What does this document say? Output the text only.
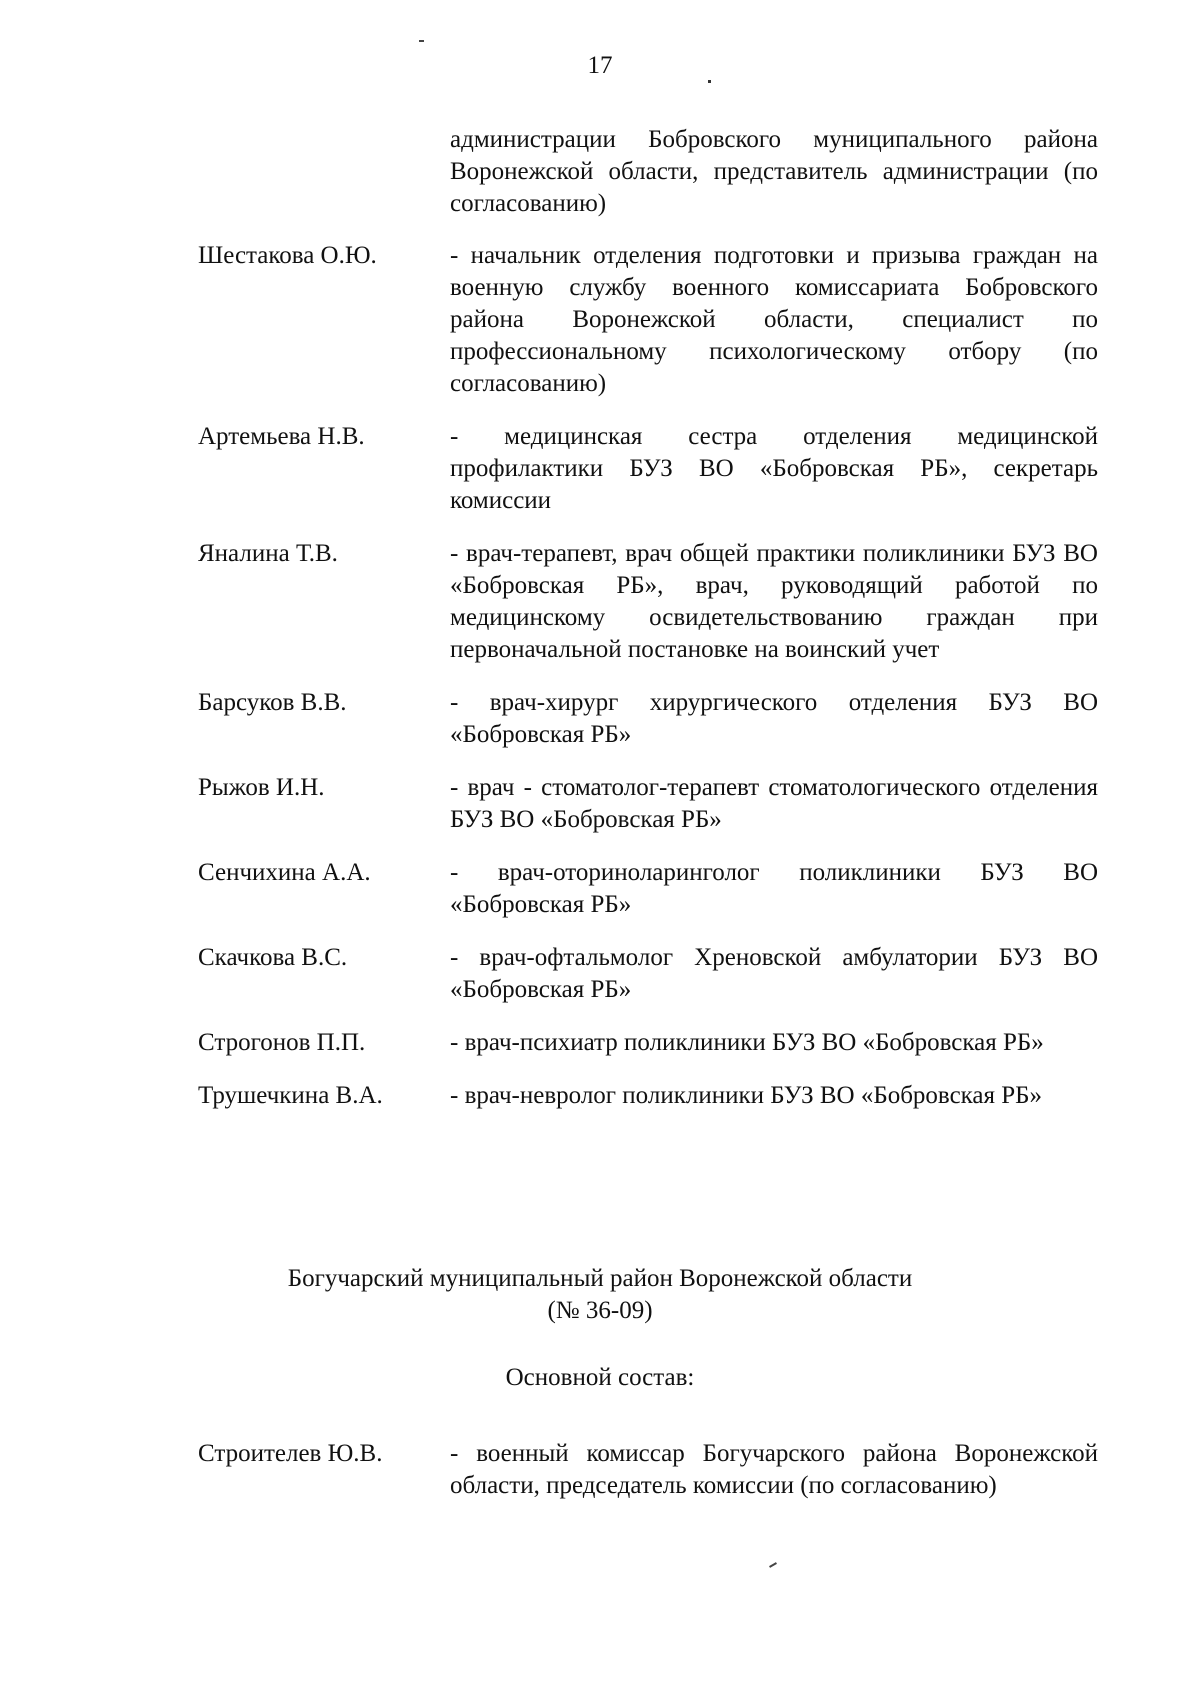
17
администрации Бобровского муниципального района Воронежской области, представитель администрации (по согласованию)
Шестакова О.Ю.	- начальник отделения подготовки и призыва граждан на военную службу военного комиссариата Бобровского района Воронежской области, специалист по профессиональному психологическому отбору (по согласованию)
Артемьева Н.В.	- медицинская сестра отделения медицинской профилактики БУЗ ВО «Бобровская РБ», секретарь комиссии
Яналина Т.В.	- врач-терапевт, врач общей практики поликлиники БУЗ ВО «Бобровская РБ», врач, руководящий работой по медицинскому освидетельствованию граждан при первоначальной постановке на воинский учет
Барсуков В.В.	- врач-хирург хирургического отделения БУЗ ВО «Бобровская РБ»
Рыжов И.Н.	- врач - стоматолог-терапевт стоматологического отделения БУЗ ВО «Бобровская РБ»
Сенчихина А.А.	- врач-оториноларинголог поликлиники БУЗ ВО «Бобровская РБ»
Скачкова В.С.	- врач-офтальмолог Хреновской амбулатории БУЗ ВО «Бобровская РБ»
Строгонов П.П.	- врач-психиатр поликлиники БУЗ ВО «Бобровская РБ»
Трушечкина В.А.	- врач-невролог поликлиники БУЗ ВО «Бобровская РБ»
Богучарский муниципальный район Воронежской области
(№ 36-09)
Основной состав:
Строителев Ю.В.	- военный комиссар Богучарского района Воронежской области, председатель комиссии (по согласованию)
